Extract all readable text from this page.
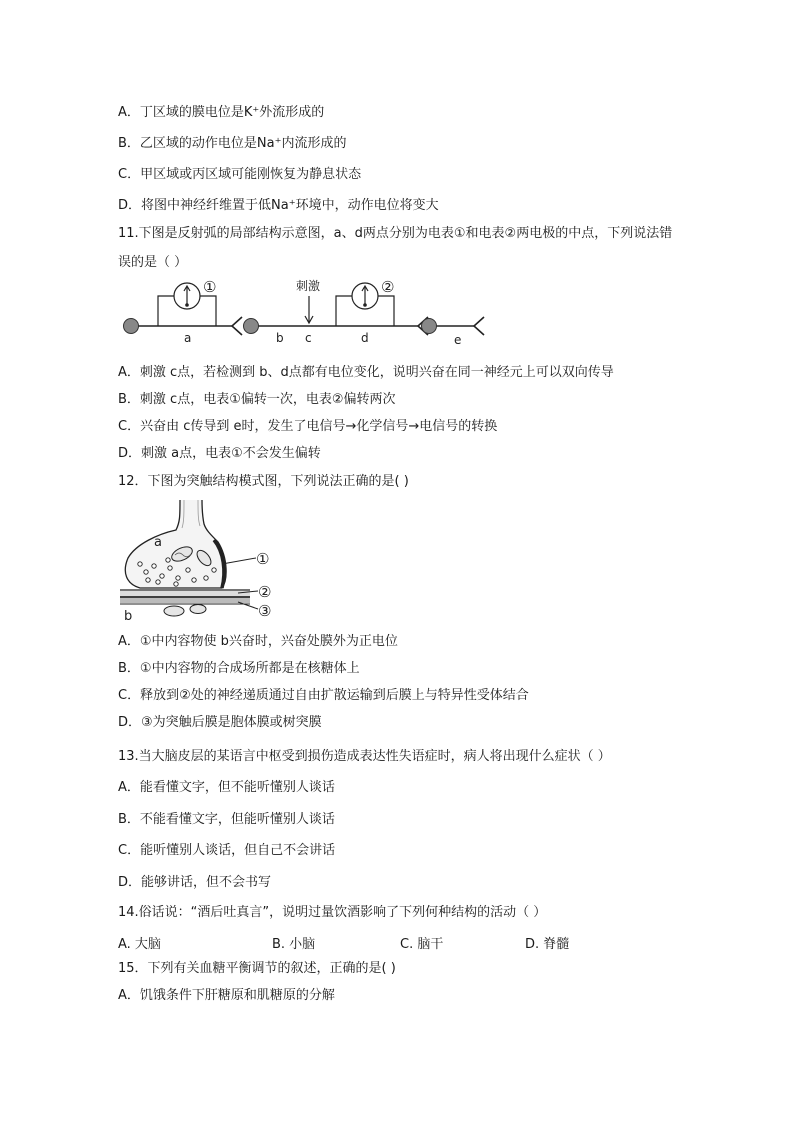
A．丁区域的膜电位是K⁺外流形成的
B．乙区域的动作电位是Na⁺内流形成的
C．甲区域或丙区域可能刚恢复为静息状态
D．将图中神经纤维置于低Na⁺环境中，动作电位将变大
11.下图是反射弧的局部结构示意图，a、d两点分别为电表①和电表②两电极的中点，下列说法错误的是（ ）
①	刺激	②
a	b c	d	e
A．刺激 c点，若检测到 b、d点都有电位变化，说明兴奋在同一神经元上可以双向传导
B．刺激 c点，电表①偏转一次，电表②偏转两次
C．兴奋由 c传导到 e时，发生了电信号→化学信号→电信号的转换
D．刺激 a点，电表①不会发生偏转
12．下图为突触结构模式图，下列说法正确的是( )
a
b
①
②
③
A．①中内容物使 b兴奋时，兴奋处膜外为正电位
B．①中内容物的合成场所都是在核糖体上
C．释放到②处的神经递质通过自由扩散运输到后膜上与特异性受体结合
D．③为突触后膜是胞体膜或树突膜
13.当大脑皮层的某语言中枢受到损伤造成表达性失语症时，病人将出现什么症状（ ）
A．能看懂文字，但不能听懂别人谈话
B．不能看懂文字，但能听懂别人谈话
C．能听懂别人谈话，但自己不会讲话
D．能够讲话，但不会书写
14.俗话说：“酒后吐真言”，说明过量饮酒影响了下列何种结构的活动（ ）
A. 大脑	B. 小脑	C. 脑干	D. 脊髓
15．下列有关血糖平衡调节的叙述，正确的是( )
A．饥饿条件下肝糖原和肌糖原的分解
